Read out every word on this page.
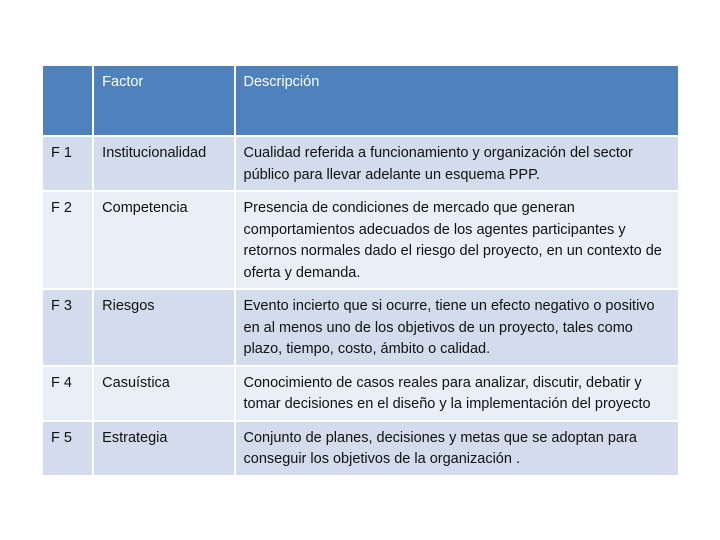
	Factor	Descripción
F 1	Institucionalidad	Cualidad referida a funcionamiento y organización del sector público para llevar adelante un esquema PPP.
F 2	Competencia	Presencia de condiciones de mercado que generan comportamientos adecuados de los agentes participantes y retornos normales dado el riesgo del proyecto, en un contexto de oferta y demanda.
F 3	Riesgos	Evento incierto que si ocurre, tiene un efecto negativo o positivo en al menos uno de los objetivos de un proyecto, tales como plazo, tiempo, costo, ámbito o calidad.
F 4	Casuística	Conocimiento de casos reales para analizar, discutir, debatir y tomar decisiones en el diseño y la implementación del proyecto
F 5	Estrategia	Conjunto de planes, decisiones y metas que se adoptan para conseguir los objetivos de la organización .
